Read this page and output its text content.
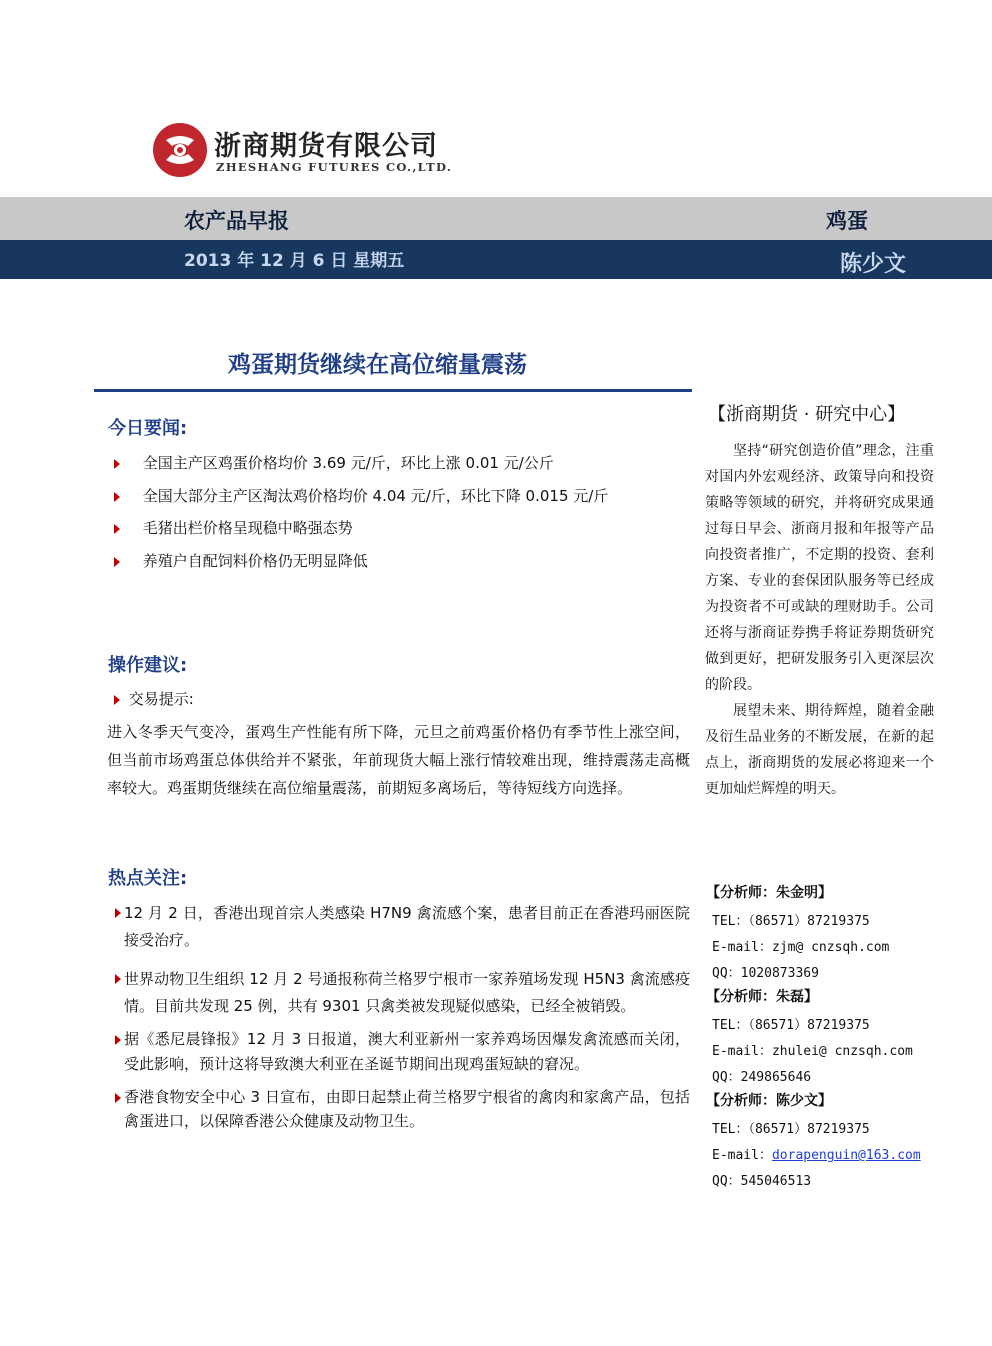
浙商期货有限公司
ZHESHANG FUTURES CO.,LTD.
农产品早报	鸡蛋
2013 年 12 月 6 日 星期五	陈少文
鸡蛋期货继续在高位缩量震荡
今日要闻:
全国主产区鸡蛋价格均价 3.69 元/斤，环比上涨 0.01 元/公斤
全国大部分主产区淘汰鸡价格均价 4.04 元/斤，环比下降 0.015 元/斤
毛猪出栏价格呈现稳中略强态势
养殖户自配饲料价格仍无明显降低
操作建议:
交易提示:
进入冬季天气变冷，蛋鸡生产性能有所下降，元旦之前鸡蛋价格仍有季节性上涨空间，但当前市场鸡蛋总体供给并不紧张，年前现货大幅上涨行情较难出现，维持震荡走高概率较大。鸡蛋期货继续在高位缩量震荡，前期短多离场后，等待短线方向选择。
热点关注:
12 月 2 日，香港出现首宗人类感染 H7N9 禽流感个案，患者目前正在香港玛丽医院接受治疗。
世界动物卫生组织 12 月 2 号通报称荷兰格罗宁根市一家养殖场发现 H5N3 禽流感疫情。目前共发现 25 例，共有 9301 只禽类被发现疑似感染，已经全被销毁。
据《悉尼晨锋报》12 月 3 日报道，澳大利亚新州一家养鸡场因爆发禽流感而关闭，受此影响，预计这将导致澳大利亚在圣诞节期间出现鸡蛋短缺的窘况。
香港食物安全中心 3 日宣布，由即日起禁止荷兰格罗宁根省的禽肉和家禽产品，包括禽蛋进口，以保障香港公众健康及动物卫生。
【浙商期货 · 研究中心】
坚持“研究创造价值”理念，注重对国内外宏观经济、政策导向和投资策略等领域的研究，并将研究成果通过每日早会、浙商月报和年报等产品向投资者推广，不定期的投资、套利方案、专业的套保团队服务等已经成为投资者不可或缺的理财助手。公司还将与浙商证券携手将证券期货研究做到更好，把研发服务引入更深层次的阶段。
展望未来、期待辉煌，随着金融及衍生品业务的不断发展，在新的起点上，浙商期货的发展必将迎来一个更加灿烂辉煌的明天。
【分析师：朱金明】
TEL：（86571）87219375
E-mail：zjm@ cnzsqh.com
QQ：1020873369
【分析师：朱磊】
TEL：（86571）87219375
E-mail：zhulei@ cnzsqh.com
QQ：249865646
【分析师：陈少文】
TEL：（86571）87219375
E-mail：dorapenguin@163.com
QQ：545046513
